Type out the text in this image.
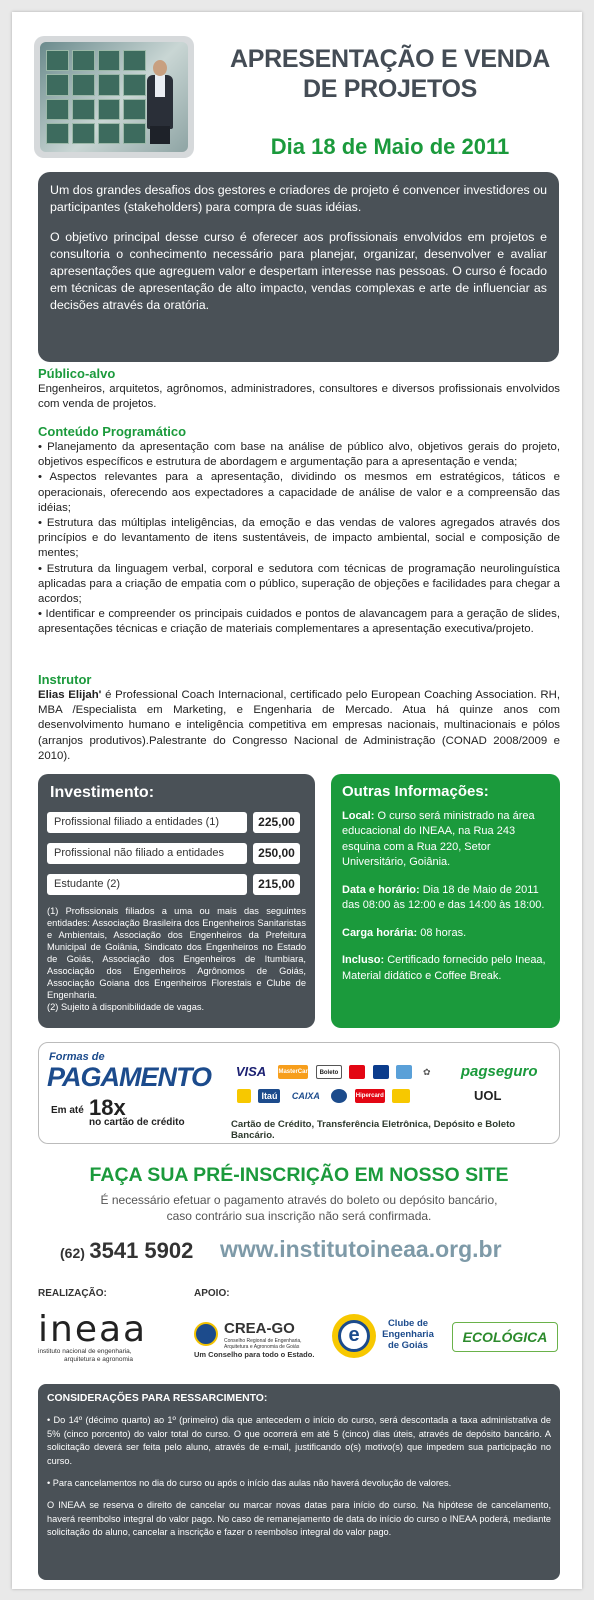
APRESENTAÇÃO E VENDA
DE PROJETOS
Dia 18 de Maio de 2011

Um dos grandes desafios dos gestores e criadores de projeto é convencer investidores ou participantes (stakeholders) para compra de suas idéias.

O objetivo principal desse curso é oferecer aos profissionais envolvidos em projetos e consultoria o conhecimento necessário para planejar, organizar, desenvolver e avaliar apresentações que agreguem valor e despertam interesse nas pessoas. O curso é focado em técnicas de apresentação de alto impacto, vendas complexas e arte de influenciar as decisões através da oratória.

Público-alvo
Engenheiros, arquitetos, agrônomos, administradores, consultores e diversos profissionais envolvidos com venda de projetos.
Conteúdo Programático
• Planejamento da apresentação com base na análise de público alvo, objetivos gerais do projeto, objetivos específicos e estrutura de abordagem e argumentação para a apresentação e venda;
• Aspectos relevantes para a apresentação, dividindo os mesmos em estratégicos, táticos e operacionais, oferecendo aos expectadores a capacidade de análise de valor e a compreensão das idéias;
• Estrutura das múltiplas inteligências, da emoção e das vendas de valores agregados através dos princípios e do levantamento de itens sustentáveis, de impacto ambiental, social e composição de mentes;
• Estrutura da linguagem verbal, corporal e sedutora com técnicas de programação neurolinguística aplicadas para a criação de empatia com o público, superação de objeções e facilidades para chegar a acordos;
• Identificar e compreender os principais cuidados e pontos de alavancagem para a geração de slides, apresentações técnicas e criação de materiais complementares a apresentação executiva/projeto.
Instrutor
Elias Elijah' é Professional Coach Internacional, certificado pelo European Coaching Association. RH, MBA /Especialista em Marketing, e Engenharia de Mercado. Atua há quinze anos com desenvolvimento humano e inteligência competitiva em empresas nacionais, multinacionais e pólos (arranjos produtivos).Palestrante do Congresso Nacional de Administração (CONAD 2008/2009 e 2010).
Investimento:
Profissional filiado a entidades (1)	225,00
Profissional não filiado a entidades	250,00
Estudante (2)	215,00
(1) Profissionais filiados a uma ou mais das seguintes entidades: Associação Brasileira dos Engenheiros Sanitaristas e Ambientais, Associação dos Engenheiros da Prefeitura Municipal de Goiânia, Sindicato dos Engenheiros no Estado de Goiás, Associação dos Engenheiros de Itumbiara, Associação dos Engenheiros Agrônomos de Goiás, Associação Goiana dos Engenheiros Florestais e Clube de Engenharia.
(2) Sujeito à disponibilidade de vagas.
Outras Informações:

Local: O curso será ministrado na área educacional do INEAA, na Rua 243 esquina com a Rua 220, Setor Universitário, Goiânia.

Data e horário: Dia 18 de Maio de 2011 das 08:00 às 12:00 e das 14:00 às 18:00.

Carga horária: 08 horas.

Incluso: Certificado fornecido pelo Ineaa, Material didático e Coffee Break.

Formas de
PAGAMENTO
Em até 18x
no cartão de crédito
VISA MasterCard Boleto	✿ pagseguro
Itaú CAIXA	Hipercard	UOL
Cartão de Crédito, Transferência Eletrônica, Depósito e Boleto Bancário.
FAÇA SUA PRÉ-INSCRIÇÃO EM NOSSO SITE
É necessário efetuar o pagamento através do boleto ou depósito bancário,
caso contrário sua inscrição não será confirmada.
(62) 3541 5902 www.institutoineaa.org.br
REALIZAÇÃO:	APOIO:
ineaa
instituto nacional de engenharia,
arquitetura e agronomia
CREA-GO
Conselho Regional de Engenharia, Arquitetura e Agronomia de Goiás
Um Conselho para todo o Estado.
e
Clube de
Engenharia
de Goiás
ECOLÓGICA
CONSIDERAÇÕES PARA RESSARCIMENTO:

• Do 14º (décimo quarto) ao 1º (primeiro) dia que antecedem o início do curso, será descontada a taxa administrativa de 5% (cinco porcento) do valor total do curso. O que ocorrerá em até 5 (cinco) dias úteis, através de depósito bancário. A solicitação deverá ser feita pelo aluno, através de e-mail, justificando o(s) motivo(s) que impedem sua participação no curso.

• Para cancelamentos no dia do curso ou após o início das aulas não haverá devolução de valores.

O INEAA se reserva o direito de cancelar ou marcar novas datas para início do curso. Na hipótese de cancelamento, haverá reembolso integral do valor pago. No caso de remanejamento de data do início do curso o INEAA poderá, mediante solicitação do aluno, cancelar a inscrição e fazer o reembolso integral do valor pago.
